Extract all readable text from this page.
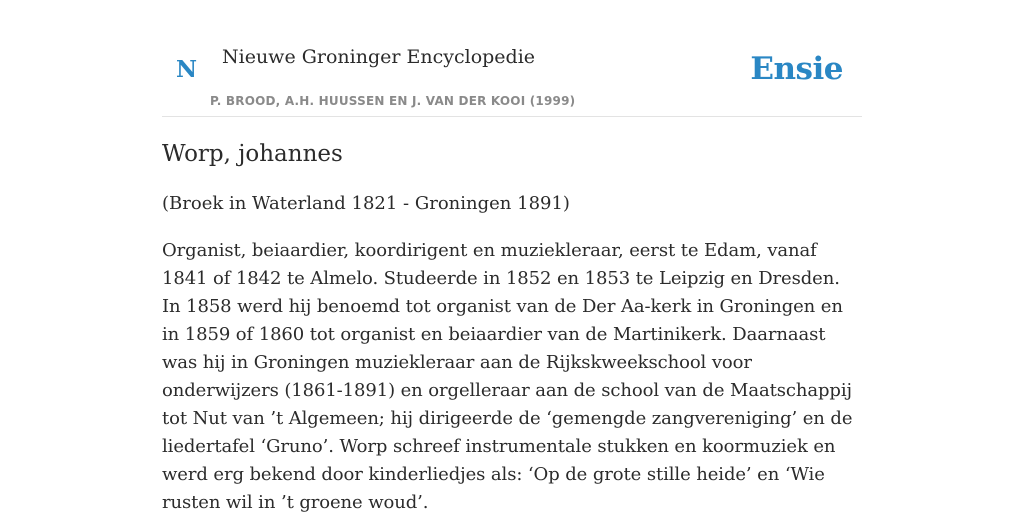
N Nieuwe Groninger Encyclopedie
P. BROOD, A.H. HUUSSEN EN J. VAN DER KOOI (1999)
Ensie
Worp, johannes

(Broek in Waterland 1821 - Groningen 1891)

Organist, beiaardier, koordirigent en muziekleraar, eerst te Edam, vanaf 1841 of 1842 te Almelo. Studeerde in 1852 en 1853 te Leipzig en Dresden. In 1858 werd hij benoemd tot organist van de Der Aa-kerk in Groningen en in 1859 of 1860 tot organist en beiaardier van de Martinikerk. Daarnaast was hij in Groningen muziekleraar aan de Rijkskweekschool voor onderwijzers (1861-1891) en orgelleraar aan de school van de Maatschappij tot Nut van ’t Algemeen; hij dirigeerde de ‘gemengde zangvereniging’ en de liedertafel ‘Gruno’. Worp schreef instrumentale stukken en koormuziek en werd erg bekend door kinderliedjes als: ‘Op de grote stille heide’ en ‘Wie rusten wil in ’t groene woud’.
